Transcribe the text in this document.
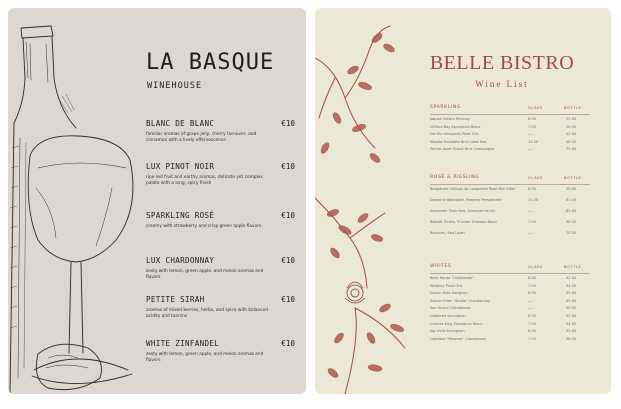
LA BASQUE
WINEHOUSE
BLANC DE BLANC	€10
familiar aromas of grape jelly, cherry turnover, and cinnamon with a lively effervescence
LUX PINOT NOIR	€10
ripe red fruit and earthy aromas, delicate yet complex palate with a long, spicy finish
SPARKLING ROSÉ	€10
creamy with strawberry and crisp green apple flavors
LUX CHARDONNAY	€10
zesty with lemon, green apple, and melon aromas and flavors
PETITE SIRAH	€10
aromas of mixed berries, herbs, and spice with balanced acidity and tannins
WHITE ZINFANDEL	€10
zesty with lemon, green apple, and melon aromas and flavors
BELLE BISTRO
Wine List
SPARKLING	GLASS	BOTTLE
Jaques Cellars Riesling	6.00	32.00
Clifford Bay Sauvignon Blanc	7.00	36.00
Del Rio Vineyards Pinot Gris	----	42.00
Nicolas Feuillatte Brut Label Bas	12.00	46.00
Perrier-Jouet Grand Brut Champagne	----	72.00
ROSÉ & RIESLING	GLASS	BOTTLE
Bergstrom Cellinas de Longueval Rose Mar Gitler	6.00	30.00
Domaine Weinbach, Reserve Personnelle	11.00	51.00
Alexander Trinh Red, Grosquet de Vin	----	62.00
Balletti Trinkin, Prinster Chateau Barel	7.00	36.00
Beaulieu, Red Label	----	70.00
WHITES	GLASS	BOTTLE
Beck House "Undulande"	6.00	32.00
Whitney Pinot Gris	7.00	34.00
Dorvin Isles Savignon	6.00	32.00
Seaver Eden "Studio" Chardonnay	----	42.00
San Grand Chardonnay	----	50.00
Cabernet Sauvignon	6.00	32.00
Chorlee King Sauvignon Blanc	7.00	34.00
Jog Vivid Sauvignon	6.00	32.00
Ladnikov "Reserve" Chardonnay	7.00	36.00
